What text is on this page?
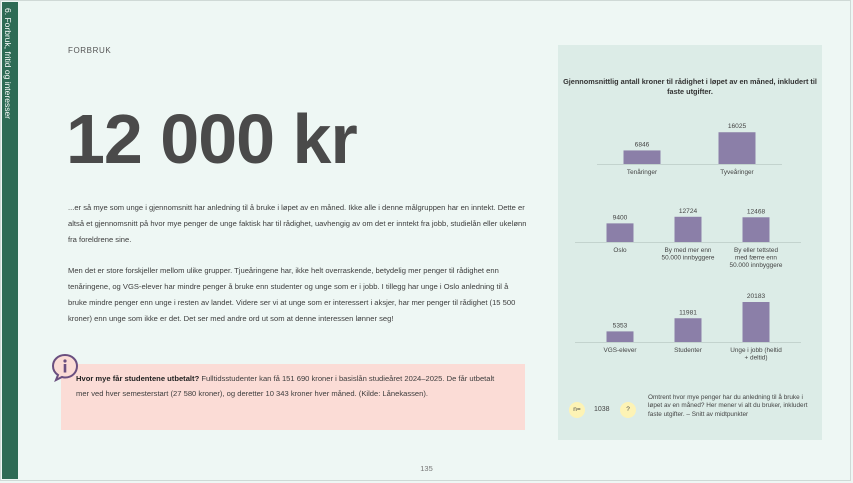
6. Forbruk, fritid og interesser	FORBRUK
12 000 kr

...er så mye som unge i gjennomsnitt har anledning til å bruke i løpet av en måned. Ikke alle i denne målgruppen har en inntekt. Dette er altså et gjennomsnitt på hvor mye penger de unge faktisk har til rådighet, uavhengig av om det er inntekt fra jobb, studielån eller ukelønn fra foreldrene sine.

Men det er store forskjeller mellom ulike grupper. Tjueåringene har, ikke helt overraskende, betydelig mer penger til rådighet enn tenåringene, og VGS-elever har mindre penger å bruke enn studenter og unge som er i jobb. I tillegg har unge i Oslo anledning til å bruke mindre penger enn unge i resten av landet. Videre ser vi at unge som er interessert i aksjer, har mer penger til rådighet (15 500 kroner) enn unge som ikke er det. Det ser med andre ord ut som at denne interessen lønner seg!

Hvor mye får studentene utbetalt? Fulltidsstudenter kan få 151 690 kroner i basislån studieåret 2024–2025. De får utbetalt mer ved hver semesterstart (27 580 kroner), og deretter 10 343 kroner hver måned. (Kilde: Lånekassen).

135
Gjennomsnittlig antall kroner til rådighet i løpet av en måned, inkludert til faste utgifter.
6846
Tenåringer
16025
Tyveåringer
9400
Oslo
12724
By med mer enn
50.000 innbyggere
12468
By eller tettsted
med færre enn
50.000 innbyggere
5353
VGS-elever
11981
Studenter
20183
Unge i jobb (heltid
+ deltid)
n=	1038	?
Omtrent hvor mye penger har du anledning til å bruke i løpet av en måned? Her mener vi alt du bruker, inkludert faste utgifter. – Snitt av midtpunkter
